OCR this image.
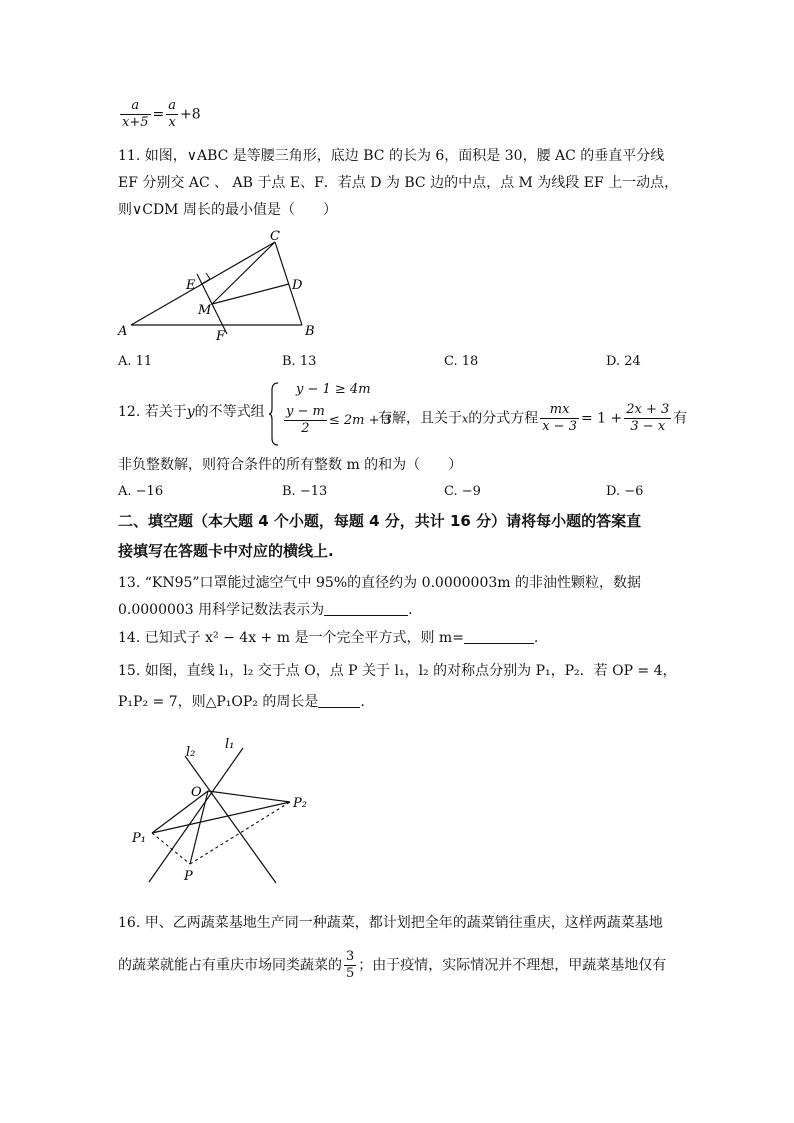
$\frac{a}{x+5} = \frac{a}{x} +8$
11. 如图，∨ABC 是等腰三角形，底边 BC 的长为 6，面积是 30，腰 AC 的垂直平分线
EF 分别交 AC 、 AB 于点 E、F．若点 D 为 BC 边的中点，点 M 为线段 EF 上一动点，
则∨CDM 周长的最小值是（　　）
C
E	D
M
A	F	B
A. 11	B. 13	C. 18	D. 24
12. 若关于y的不等式组
y − 1 ≥ 4m
$\frac{y - m}{2} \le 2m + 3$
有解，且关于x的分式方程 $\frac{mx}{x - 3} = 1 + \frac{2x + 3}{3 - x}$ 有
非负整数解，则符合条件的所有整数 m 的和为（　　）
A. −16	B. −13	C. −9	D. −6
二、填空题（本大题 4 个小题，每题 4 分，共计 16 分）请将每小题的答案直
接填写在答题卡中对应的横线上.
13. “KN95”口罩能过滤空气中 95%的直径约为 0.0000003m 的非油性颗粒，数据
0.0000003 用科学记数法表示为	.
14. 已知式子 x² − 4x + m 是一个完全平方式，则 m=	.
15. 如图，直线 l₁，l₂ 交于点 O，点 P 关于 l₁，l₂ 的对称点分别为 P₁，P₂．若 OP = 4，
P₁P₂ = 7，则△P₁OP₂ 的周长是	.
l₂
l₁
O
P₂
P₁
P
16. 甲、乙两蔬菜基地生产同一种蔬菜，都计划把全年的蔬菜销往重庆，这样两蔬菜基地
的蔬菜就能占有重庆市场同类蔬菜的 $\frac{3}{5}$ ；由于疫情，实际情况并不理想，甲蔬菜基地仅有
